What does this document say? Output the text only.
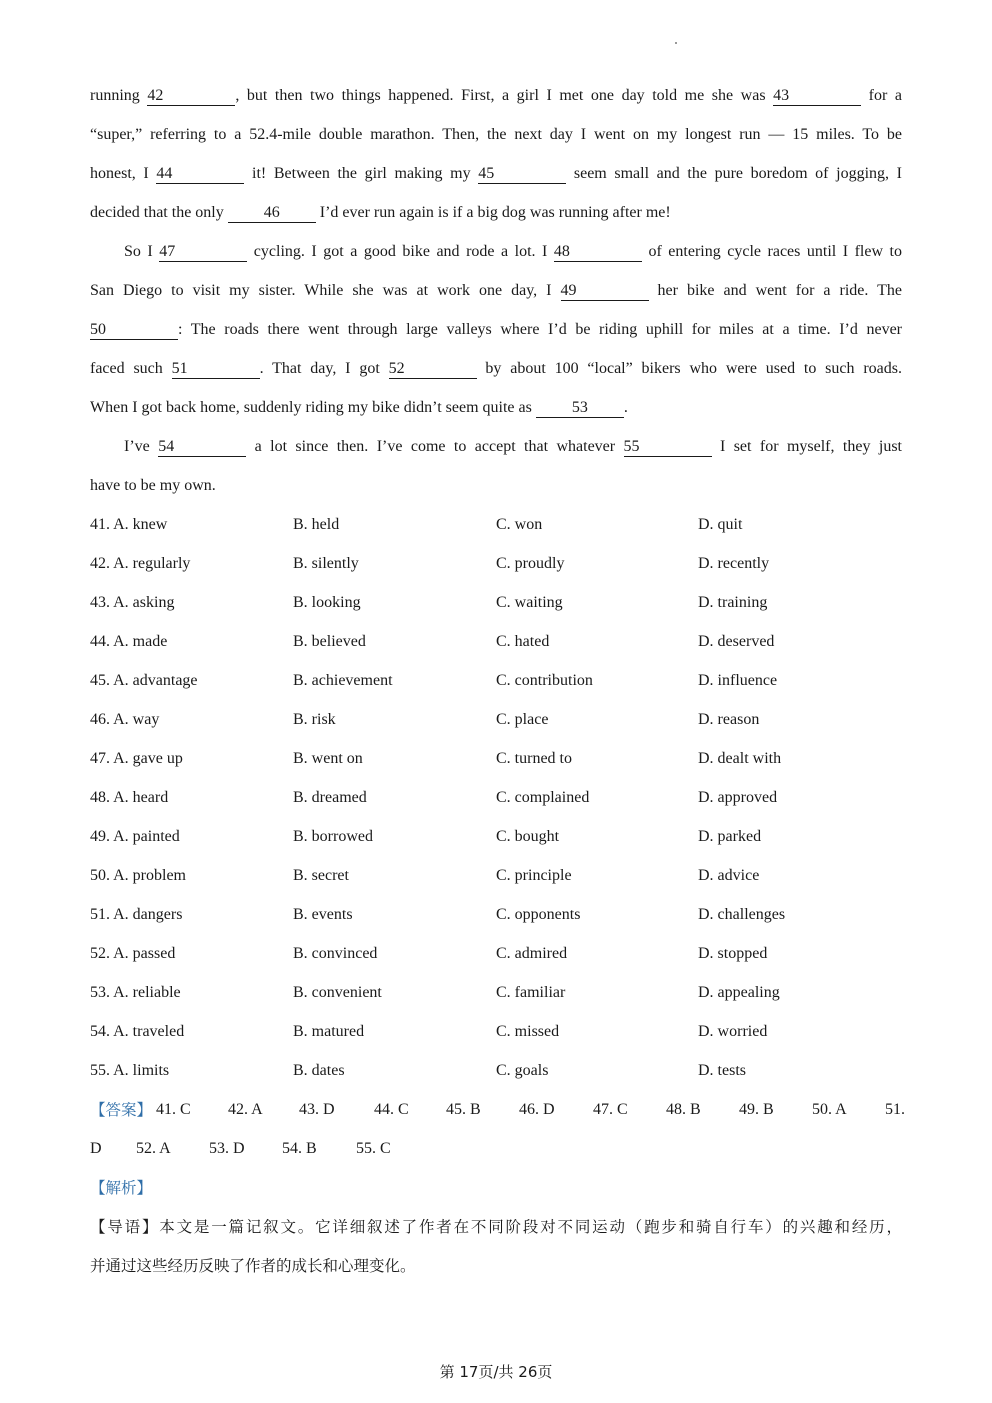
running 42	, but then two things happened. First, a girl I met one day told me she was 43	for a
“super,” referring to a 52.4-mile double marathon. Then, the next day I went on my longest run — 15 miles. To be
honest, I 44	it! Between the girl making my 45	seem small and the pure boredom of jogging, I
decided that the only 46 I’d ever run again is if a big dog was running after me!
So I 47	cycling. I got a good bike and rode a lot. I 48	of entering cycle races until I flew to
San Diego to visit my sister. While she was at work one day, I 49	her bike and went for a ride. The
50	: The roads there went through large valleys where I’d be riding uphill for miles at a time. I’d never
faced such 51	. That day, I got 52	by about 100 “local” bikers who were used to such roads.
When I got back home, suddenly riding my bike didn’t seem quite as 53 .
I’ve 54	a lot since then. I’ve come to accept that whatever 55	I set for myself, they just
have to be my own.
41. A. knew	B. held	C. won	D. quit
42. A. regularly	B. silently	C. proudly	D. recently
43. A. asking	B. looking	C. waiting	D. training
44. A. made	B. believed	C. hated	D. deserved
45. A. advantage	B. achievement	C. contribution	D. influence
46. A. way	B. risk	C. place	D. reason
47. A. gave up	B. went on	C. turned to	D. dealt with
48. A. heard	B. dreamed	C. complained	D. approved
49. A. painted	B. borrowed	C. bought	D. parked
50. A. problem	B. secret	C. principle	D. advice
51. A. dangers	B. events	C. opponents	D. challenges
52. A. passed	B. convinced	C. admired	D. stopped
53. A. reliable	B. convenient	C. familiar	D. appealing
54. A. traveled	B. matured	C. missed	D. worried
55. A. limits	B. dates	C. goals	D. tests
【答案】 41. C 42. A 43. D 44. C 45. B 46. D 47. C 48. B 49. B 50. A 51.
D 52. A 53. D 54. B 55. C
【解析】
【导语】本文是一篇记叙文。它详细叙述了作者在不同阶段对不同运动（跑步和骑自行车）的兴趣和经历，
并通过这些经历反映了作者的成长和心理变化。
第 17页/共 26页
